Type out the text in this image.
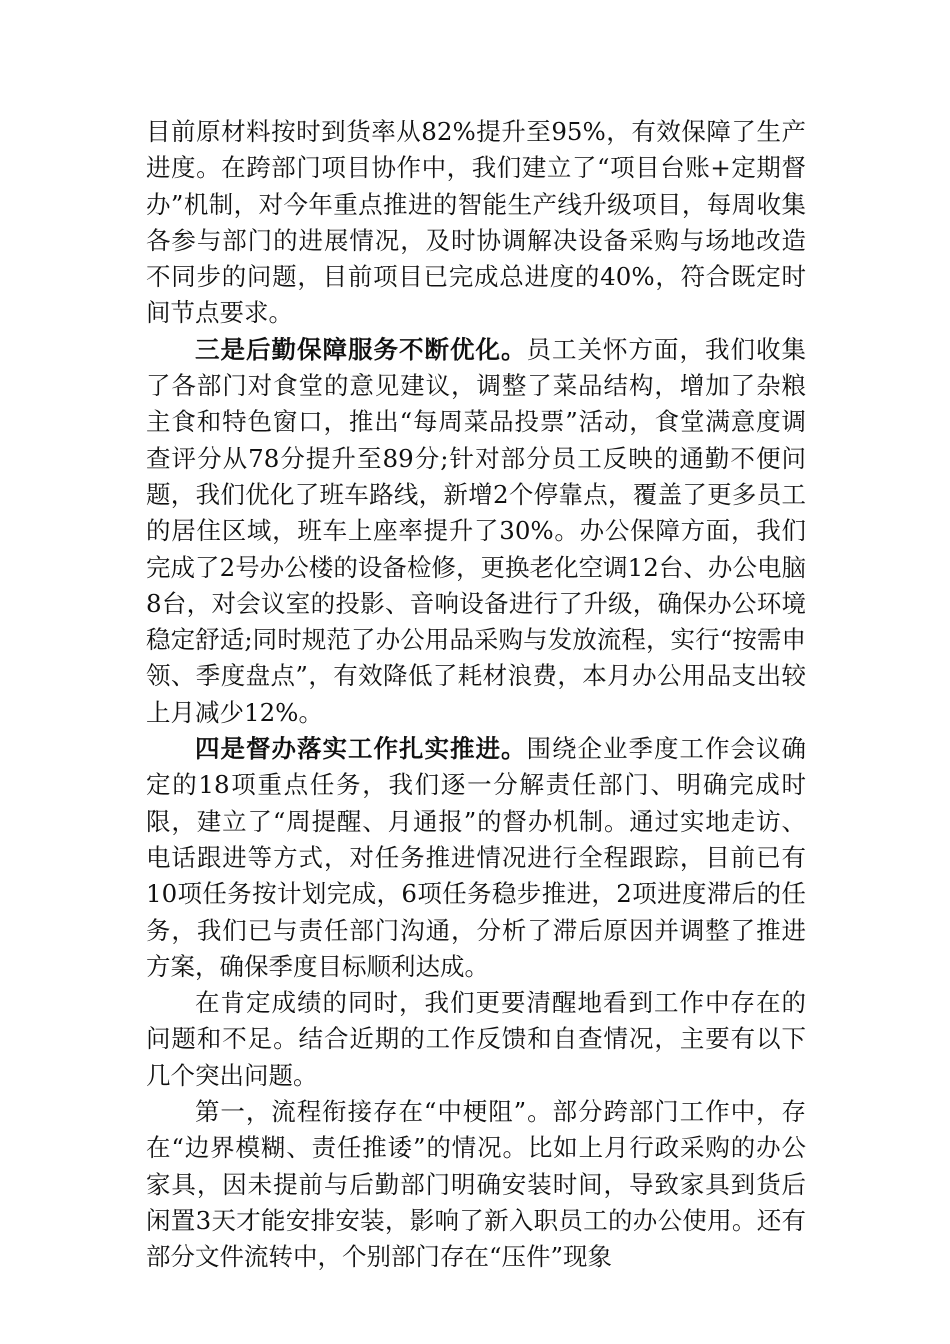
目前原材料按时到货率从82%提升至95%，有效保障了生产进度。在跨部门项目协作中，我们建立了“项目台账+定期督办”机制，对今年重点推进的智能生产线升级项目，每周收集各参与部门的进展情况，及时协调解决设备采购与场地改造不同步的问题，目前项目已完成总进度的40%，符合既定时间节点要求。

三是后勤保障服务不断优化。员工关怀方面，我们收集了各部门对食堂的意见建议，调整了菜品结构，增加了杂粮主食和特色窗口，推出“每周菜品投票”活动，食堂满意度调查评分从78分提升至89分;针对部分员工反映的通勤不便问题，我们优化了班车路线，新增2个停靠点，覆盖了更多员工的居住区域，班车上座率提升了30%。办公保障方面，我们完成了2号办公楼的设备检修，更换老化空调12台、办公电脑8台，对会议室的投影、音响设备进行了升级，确保办公环境稳定舒适;同时规范了办公用品采购与发放流程，实行“按需申领、季度盘点”，有效降低了耗材浪费，本月办公用品支出较上月减少12%。

四是督办落实工作扎实推进。围绕企业季度工作会议确定的18项重点任务，我们逐一分解责任部门、明确完成时限，建立了“周提醒、月通报”的督办机制。通过实地走访、电话跟进等方式，对任务推进情况进行全程跟踪，目前已有10项任务按计划完成，6项任务稳步推进，2项进度滞后的任务，我们已与责任部门沟通，分析了滞后原因并调整了推进方案，确保季度目标顺利达成。

在肯定成绩的同时，我们更要清醒地看到工作中存在的问题和不足。结合近期的工作反馈和自查情况，主要有以下几个突出问题。

第一，流程衔接存在“中梗阻”。部分跨部门工作中，存在“边界模糊、责任推诿”的情况。比如上月行政采购的办公家具，因未提前与后勤部门明确安装时间，导致家具到货后闲置3天才能安排安装，影响了新入职员工的办公使用。还有部分文件流转中，个别部门存在“压件”现象
